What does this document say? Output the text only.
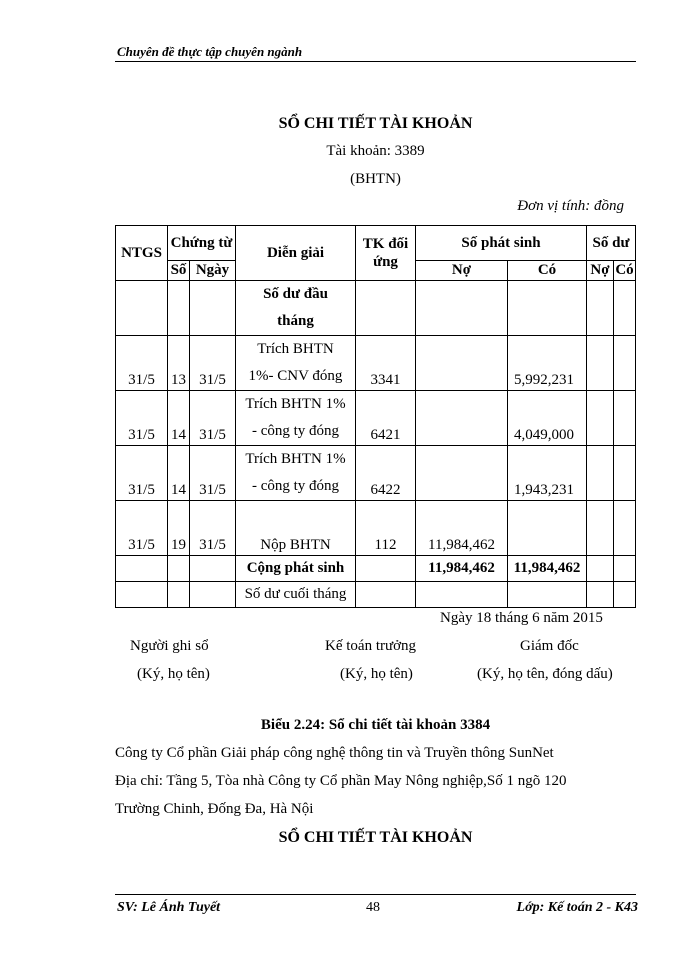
Chuyên đề thực tập chuyên ngành
SỔ CHI TIẾT TÀI KHOẢN
Tài khoản: 3389
(BHTN)
Đơn vị tính: đồng
NTGS	Chứng từ		Diễn giải	TK đối ứng	Số phát sinh		Số dư	
	Số	Ngày			Nợ	Có	Nợ	Có

			Số dư đầu
tháng					

31/5	13	31/5	Trích BHTN
1%- CNV đóng	3341		5,992,231		
31/5	14	31/5	Trích BHTN 1%
- công ty đóng	6421		4,049,000		
31/5	14	31/5	Trích BHTN 1%
- công ty đóng	6422		1,943,231		
31/5	19	31/5	Nộp BHTN	112	11,984,462			
			Cộng phát sinh		11,984,462	11,984,462		
			Số dư cuối tháng					
Ngày 18 tháng 6 năm 2015
Người ghi sổ	Kế toán trưởng	Giám đốc
(Ký, họ tên)	(Ký, họ tên)	(Ký, họ tên, đóng dấu)
Biểu 2.24: Sổ chi tiết tài khoản 3384
Công ty Cổ phần Giải pháp công nghệ thông tin và Truyền thông SunNet
Địa chỉ: Tầng 5, Tòa nhà Công ty Cổ phần May Nông nghiệp,Số 1 ngõ 120
Trường Chinh, Đống Đa, Hà Nội
SỔ CHI TIẾT TÀI KHOẢN
SV: Lê Ánh Tuyết	48	Lớp: Kế toán 2 - K43
